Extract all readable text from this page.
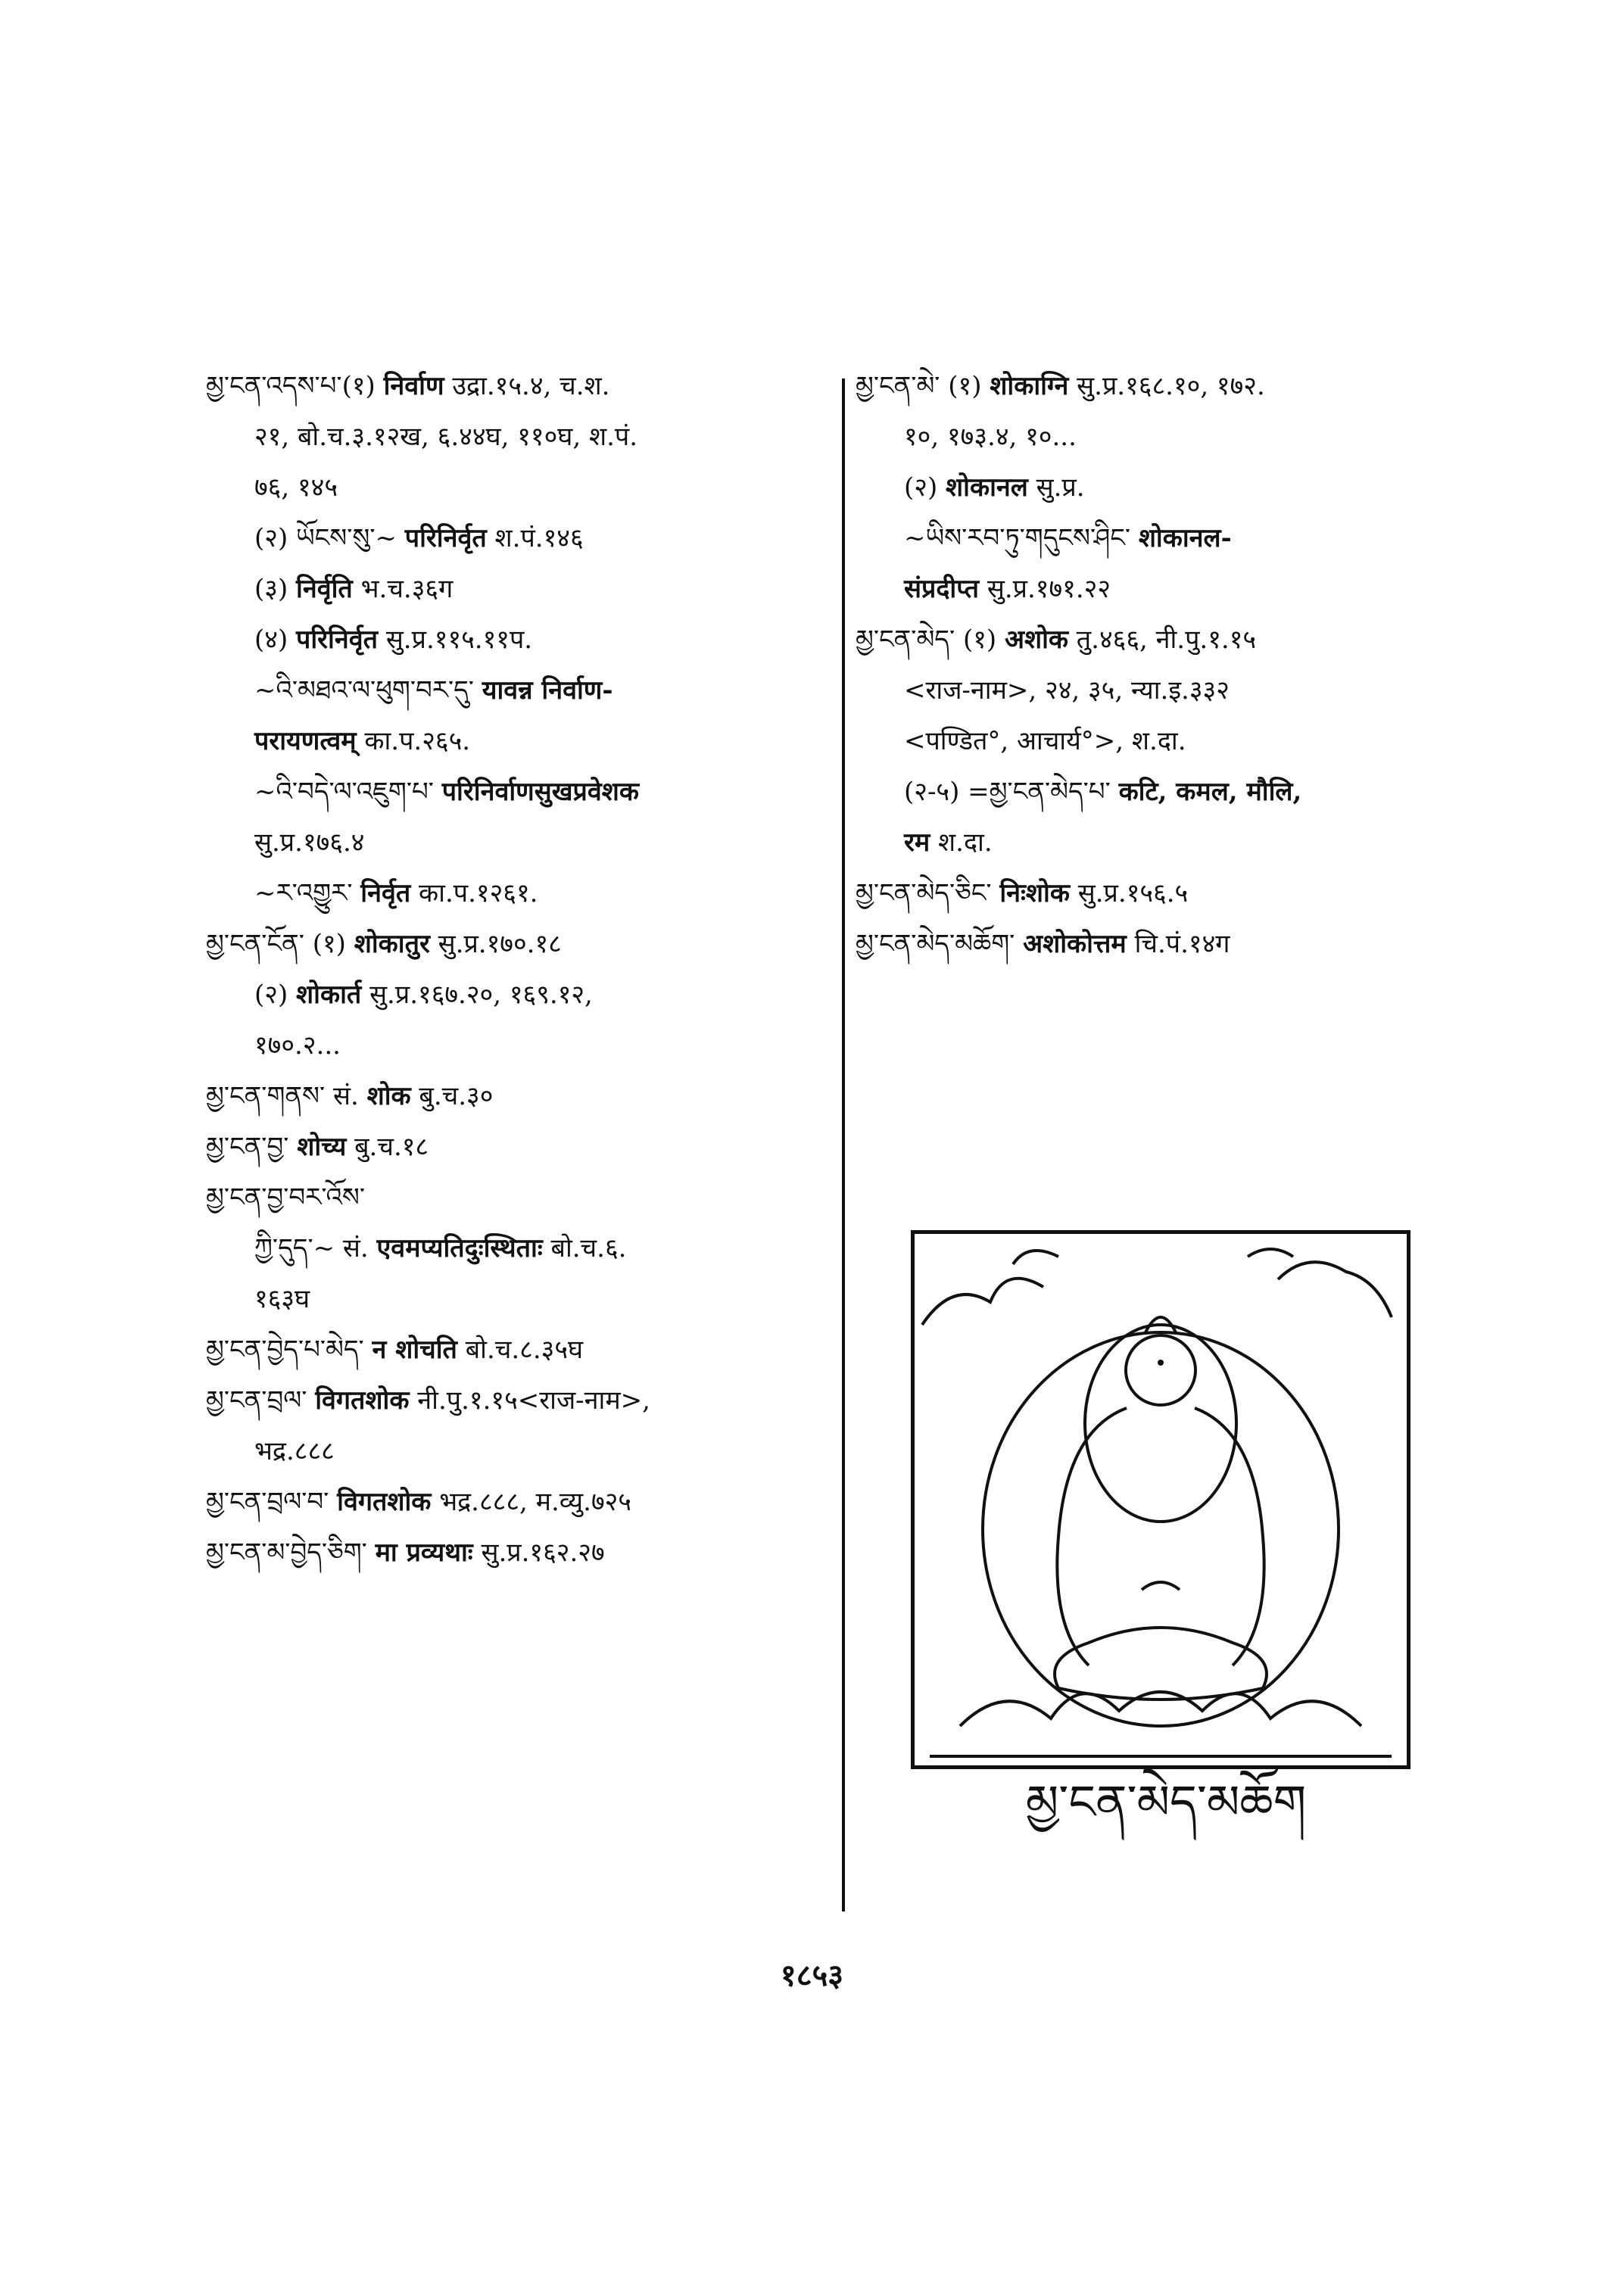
མྱ་ངན་འདས་པ་(१) निर्वाण उद्रा.१५.४, च.श.
२१, बो.च.३.१२ख, ६.४४घ, ११०घ, श.पं.
७६, १४५
(२) ཡོངས་སུ་~ परिनिर्वृत श.पं.१४६
(३) निर्वृति भ.च.३६ग
(४) परिनिर्वृत सु.प्र.११५.११प.
~འི་མཐའ་ལ་ཕུག་བར་དུ་ यावन्न निर्वाण-
परायणत्वम् का.प.२६५.
~འི་བདེ་ལ་འཇུག་པ་ परिनिर्वाणसुखप्रवेशक
सु.प्र.१७६.४
~ར་འགྱུར་ निर्वृत का.प.१२६१.
མྱ་ངན་ངོན་ (१) शोकातुर सु.प्र.१७०.१८
(२) शोकार्त सु.प्र.१६७.२०, १६९.१२,
१७०.२...
མྱ་ངན་གནས་ सं. शोक बु.च.३०
མྱ་ངན་བྱ་ शोच्य बु.च.१८
མྱ་ངན་བྱ་བར་འོས་
ཀྱི་དུད་~ सं. एवमप्यतिदुःस्थिताः बो.च.६.
१६३घ
མྱ་ངན་བྱེད་པ་མེད་ न शोचति बो.च.८.३५घ
མྱ་ངན་བྲལ་ विगतशोक नी.पु.१.१५<राज-नाम>,
भद्र.८८८
མྱ་ངན་བྲལ་བ་ विगतशोक भद्र.८८८, म.व्यु.७२५
མྱ་ངན་མ་བྱེད་ཅིག་ मा प्रव्यथाः सु.प्र.१६२.२७
མྱ་ངན་མེ་ (१) शोकाग्नि सु.प्र.१६८.१०, १७२.
१०, १७३.४, १०...
(२) शोकानल सु.प्र.
~ཡིས་རབ་ཏུ་གདུངས་ཤིང་ शोकानल-
संप्रदीप्त सु.प्र.१७१.२२
མྱ་ངན་མེད་ (१) अशोक तु.४६६, नी.पु.१.१५
<राज-नाम>, २४, ३५, न्या.इ.३३२
<पण्डित°, आचार्य°>, श.दा.
(२-५) =མྱ་ངན་མེད་པ་ कटि, कमल, मौलि,
रम श.दा.
མྱ་ངན་མེད་ཅིང་ निःशोक सु.प्र.१५६.५
མྱ་ངན་མེད་མཆོག་ अशोकोत्तम चि.पं.१४ग
མྱ་ངན་མེད་མཆོག
१८५३
